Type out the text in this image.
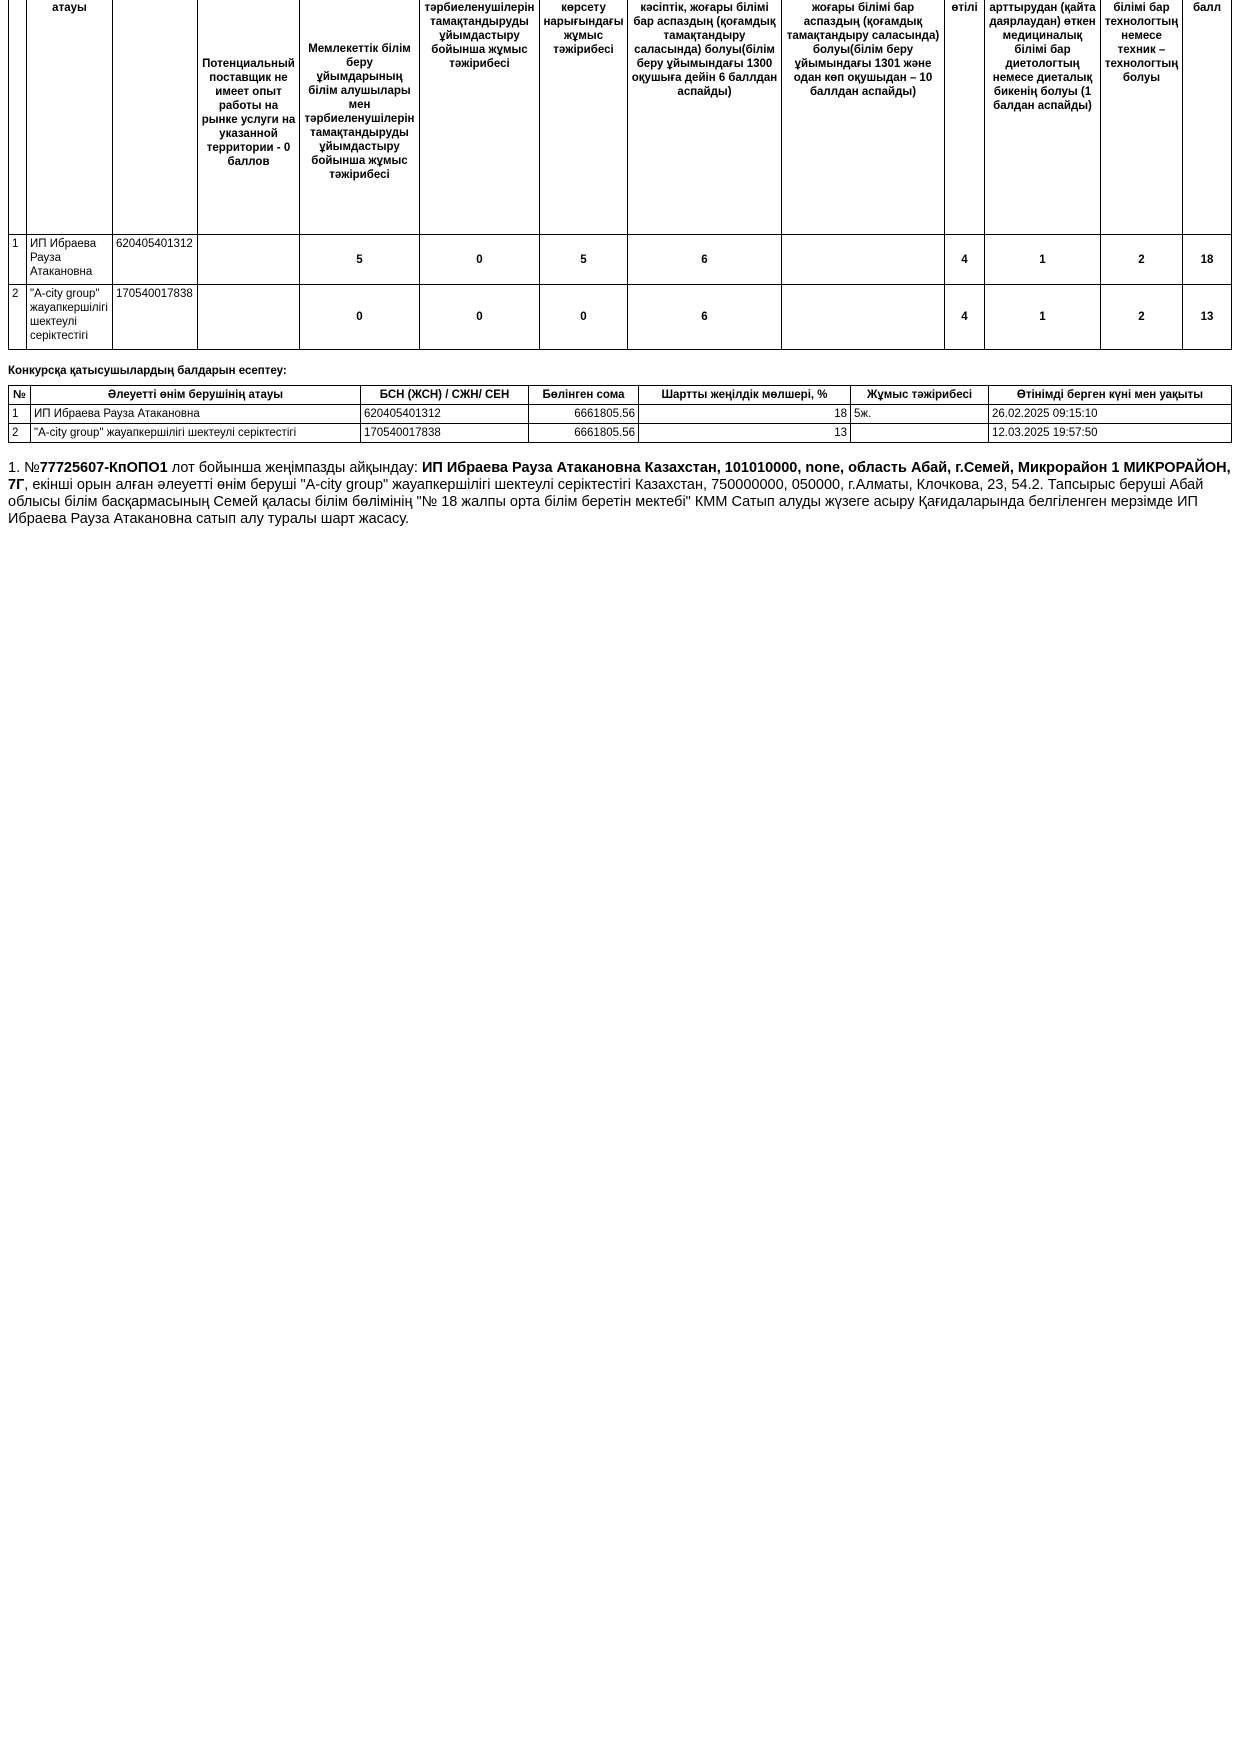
	атауы		Потенциальный поставщик не имеет опыт работы на рынке услуги на указанной территории - 0 баллов	Мемлекеттік білім беру ұйымдарының білім алушылары мен тәрбиеленушілерін тамақтандыруды ұйымдастыру бойынша жұмыс тәжірибесі	тәрбиеленушілерін тамақтандыруды ұйымдастыру бойынша жұмыс тәжірибесі	көрсету нарығындағы жұмыс тәжірибесі	кәсіптік, жоғары білімі бар аспаздың (қоғамдық тамақтандыру саласында) болуы(білім беру ұйымындағы 1300 оқушыға дейін 6 баллдан аспайды)	жоғары білімі бар аспаздың (қоғамдық тамақтандыру саласында) болуы(білім беру ұйымындағы 1301 және одан көп оқушыдан – 10 баллдан аспайды)	өтілі	арттырудан (қайта даярлаудан) өткен медициналық білімі бар диетологтың немесе диеталық бикенің болуы (1 балдан аспайды)	білімі бар технологтың немесе техник – технологтың болуы	балл
1	ИП Ибраева Рауза Атакановна	620405401312		5	0	5	6		4	1	2	18
2	"A-city group" жауапкершілігі шектеулі серіктестігі	170540017838		0	0	0	6		4	1	2	13

Конкурсқа қатысушылардың балдарын есептеу:

№	Әлеуетті өнім берушінің атауы	БСН (ЖСН) / СЖН/ СЕН	Бөлінген сома	Шартты жеңілдік мөлшері, %	Жұмыс тәжірибесі	Өтінімді берген күні мен уақыты
1	ИП Ибраева Рауза Атакановна	620405401312	6661805.56	18	5ж.	26.02.2025 09:15:10
2	"A-city group" жауапкершілігі шектеулі серіктестігі	170540017838	6661805.56	13		12.03.2025 19:57:50

1. №77725607-КпОПО1 лот бойынша жеңімпазды айқындау: ИП Ибраева Рауза Атакановна Казахстан, 101010000, none, область Абай, г.Семей, Микрорайон 1 МИКРОРАЙОН, 7Г, екінші орын алған әлеуетті өнім беруші "A-city group" жауапкершілігі шектеулі серіктестігі Казахстан, 750000000, 050000, г.Алматы, Клочкова, 23, 54.2. Тапсырыс беруші Абай облысы білім басқармасының Семей қаласы білім бөлімінің "№ 18 жалпы орта білім беретін мектебі" КММ Сатып алуды жүзеге асыру Қағидаларында белгіленген мерзімде ИП Ибраева Рауза Атакановна сатып алу туралы шарт жасасу.
